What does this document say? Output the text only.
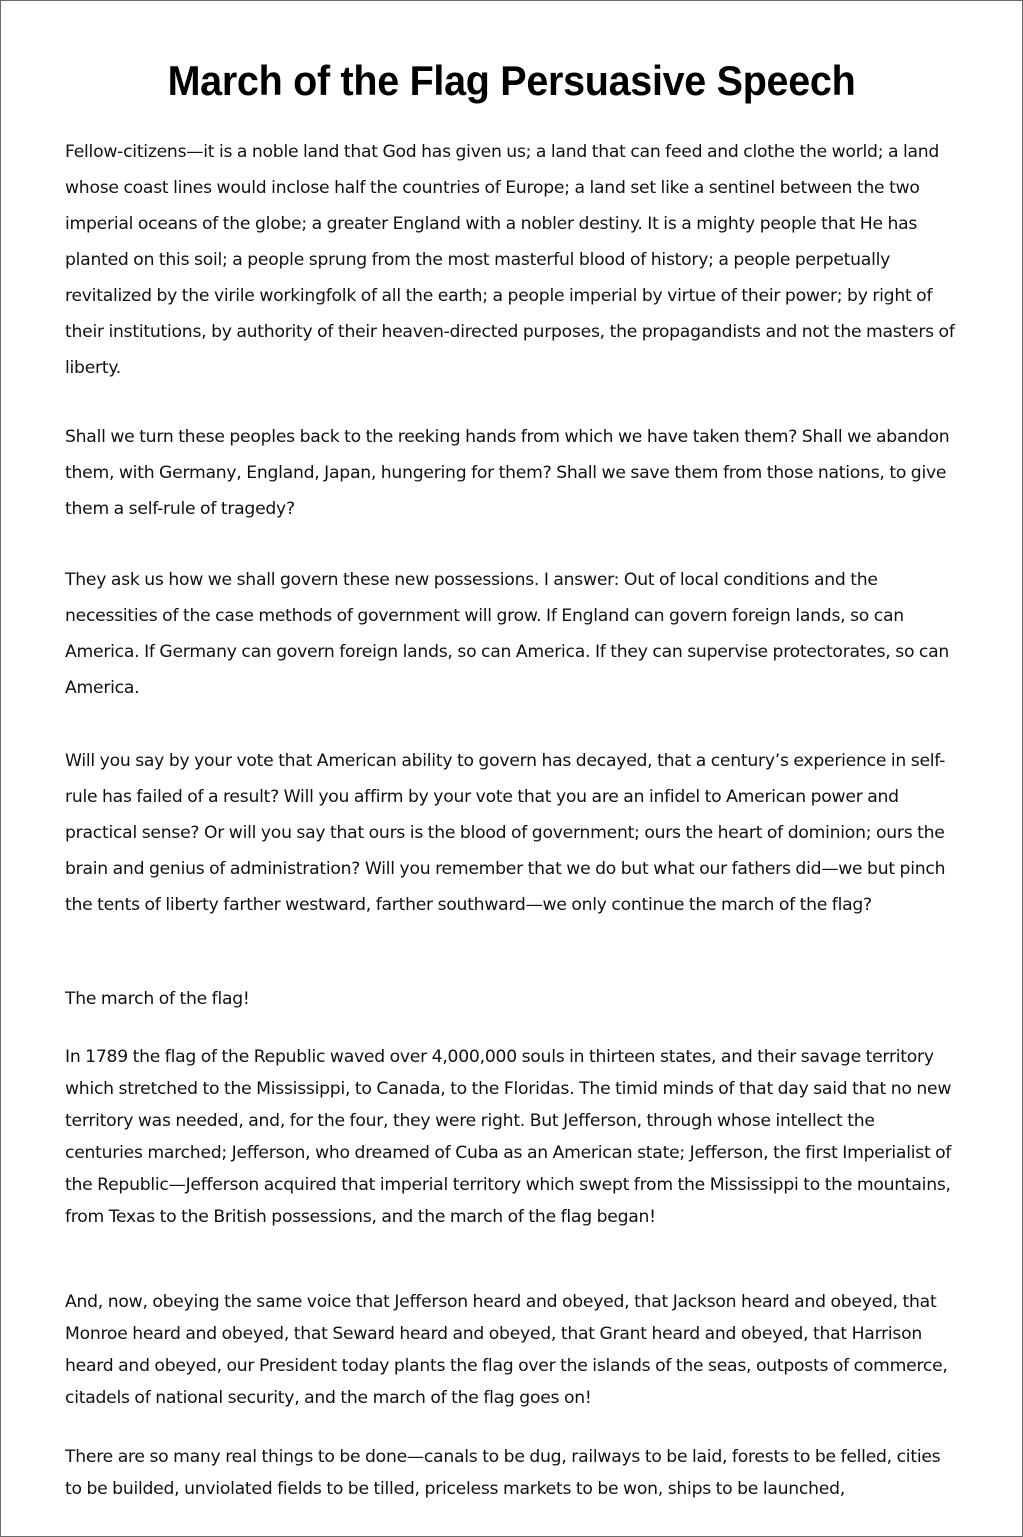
March of the Flag Persuasive Speech

Fellow-citizens—it is a noble land that God has given us; a land that can feed and clothe the world; a land whose coast lines would inclose half the countries of Europe; a land set like a sentinel between the two imperial oceans of the globe; a greater England with a nobler destiny. It is a mighty people that He has planted on this soil; a people sprung from the most masterful blood of history; a people perpetually revitalized by the virile workingfolk of all the earth; a people imperial by virtue of their power; by right of their institutions, by authority of their heaven-directed purposes, the propagandists and not the masters of liberty.

Shall we turn these peoples back to the reeking hands from which we have taken them? Shall we abandon them, with Germany, England, Japan, hungering for them? Shall we save them from those nations, to give them a self-rule of tragedy?

They ask us how we shall govern these new possessions. I answer: Out of local conditions and the necessities of the case methods of government will grow. If England can govern foreign lands, so can America. If Germany can govern foreign lands, so can America. If they can supervise protectorates, so can America.

Will you say by your vote that American ability to govern has decayed, that a century’s experience in self-rule has failed of a result? Will you affirm by your vote that you are an infidel to American power and practical sense? Or will you say that ours is the blood of government; ours the heart of dominion; ours the brain and genius of administration? Will you remember that we do but what our fathers did—we but pinch the tents of liberty farther westward, farther southward—we only continue the march of the flag?

The march of the flag!

In 1789 the flag of the Republic waved over 4,000,000 souls in thirteen states, and their savage territory which stretched to the Mississippi, to Canada, to the Floridas. The timid minds of that day said that no new territory was needed, and, for the four, they were right. But Jefferson, through whose intellect the centuries marched; Jefferson, who dreamed of Cuba as an American state; Jefferson, the first Imperialist of the Republic—Jefferson acquired that imperial territory which swept from the Mississippi to the mountains, from Texas to the British possessions, and the march of the flag began!

And, now, obeying the same voice that Jefferson heard and obeyed, that Jackson heard and obeyed, that Monroe heard and obeyed, that Seward heard and obeyed, that Grant heard and obeyed, that Harrison heard and obeyed, our President today plants the flag over the islands of the seas, outposts of commerce, citadels of national security, and the march of the flag goes on!

There are so many real things to be done—canals to be dug, railways to be laid, forests to be felled, cities to be builded, unviolated fields to be tilled, priceless markets to be won, ships to be launched,
